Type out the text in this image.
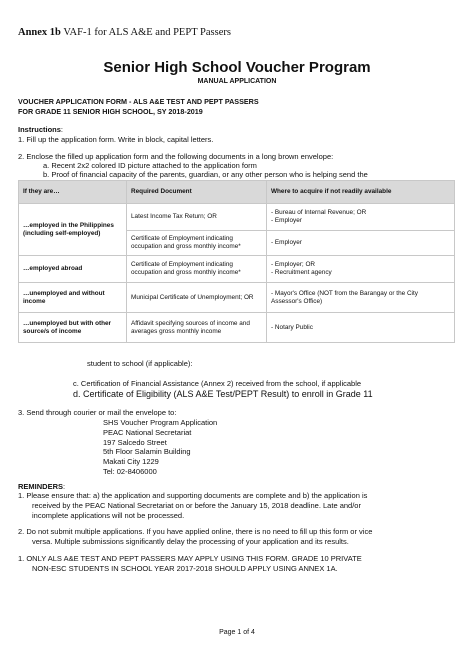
Annex 1b VAF-1 for ALS A&E and PEPT Passers
Senior High School Voucher Program
MANUAL APPLICATION
VOUCHER APPLICATION FORM - ALS A&E TEST AND PEPT PASSERS
FOR GRADE 11 SENIOR HIGH SCHOOL, SY 2018-2019
Instructions:
1. Fill up the application form. Write in block, capital letters.
2. Enclose the filled up application form and the following documents in a long brown envelope:
a. Recent 2x2 colored ID picture attached to the application form
b. Proof of financial capacity of the parents, guardian, or any other person who is helping send the
If they are…	Required Document	Where to acquire if not readily available
…employed in the Philippines (including self-employed)	Latest Income Tax Return; OR	- Bureau of Internal Revenue; OR
- Employer

	Certificate of Employment indicating occupation and gross monthly income*	- Employer

…employed abroad	Certificate of Employment indicating occupation and gross monthly income*	- Employer; OR
- Recruitment agency

…unemployed and without income	Municipal Certificate of Unemployment; OR	- Mayor's Office (NOT from the Barangay or the City Assessor's Office)

…unemployed but with other source/s of income	Affidavit specifying sources of income and averages gross monthly income	- Notary Public
student to school (if applicable):
c. Certification of Financial Assistance (Annex 2) received from the school, if applicable
d. Certificate of Eligibility (ALS A&E Test/PEPT Result) to enroll in Grade 11
3. Send through courier or mail the envelope to:
SHS Voucher Program Application
PEAC National Secretariat
197 Salcedo Street
5th Floor Salamin Building
Makati City 1229
Tel: 02-8406000
REMINDERS:
1. Please ensure that: a) the application and supporting documents are complete and b) the application is
received by the PEAC National Secretariat on or before the January 15, 2018 deadline. Late and/or
incomplete applications will not be processed.
2. Do not submit multiple applications. If you have applied online, there is no need to fill up this form or vice
versa. Multiple submissions significantly delay the processing of your application and its results.
1. ONLY ALS A&E TEST AND PEPT PASSERS MAY APPLY USING THIS FORM. GRADE 10 PRIVATE
NON-ESC STUDENTS IN SCHOOL YEAR 2017-2018 SHOULD APPLY USING ANNEX 1A.
Page 1 of 4
